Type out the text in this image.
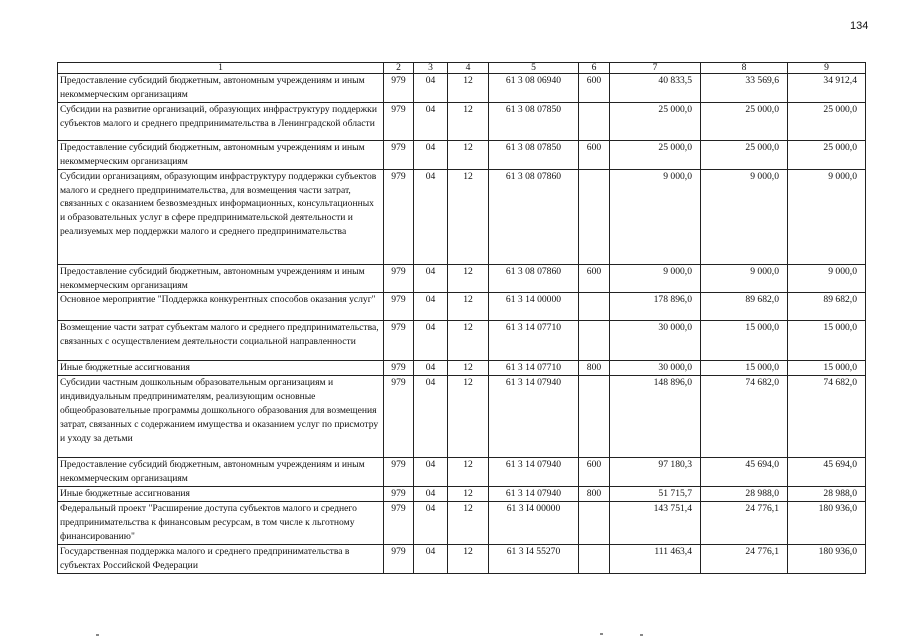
134
1	2	3	4	5	6	7	8	9
Предоставление субсидий бюджетным, автономным учреждениям и иным некоммерческим организациям	979	04	12	61 3 08 06940	600	40 833,5	33 569,6	34 912,4
Субсидии на развитие организаций, образующих инфраструктуру поддержки субъектов малого и среднего предпринимательства в Ленинградской области	979	04	12	61 3 08 07850		25 000,0	25 000,0	25 000,0
Предоставление субсидий бюджетным, автономным учреждениям и иным некоммерческим организациям	979	04	12	61 3 08 07850	600	25 000,0	25 000,0	25 000,0
Субсидии организациям, образующим инфраструктуру поддержки субъектов малого и среднего предпринимательства, для возмещения части затрат, связанных с оказанием безвозмездных информационных, консультационных и образовательных услуг в сфере предпринимательской деятельности и реализуемых мер поддержки малого и среднего предпринимательства	979	04	12	61 3 08 07860		9 000,0	9 000,0	9 000,0
Предоставление субсидий бюджетным, автономным учреждениям и иным некоммерческим организациям	979	04	12	61 3 08 07860	600	9 000,0	9 000,0	9 000,0
Основное мероприятие "Поддержка конкурентных способов оказания услуг"	979	04	12	61 3 14 00000		178 896,0	89 682,0	89 682,0
Возмещение части затрат субъектам малого и среднего предпринимательства, связанных с осуществлением деятельности социальной направленности	979	04	12	61 3 14 07710		30 000,0	15 000,0	15 000,0
Иные бюджетные ассигнования	979	04	12	61 3 14 07710	800	30 000,0	15 000,0	15 000,0
Субсидии частным дошкольным образовательным организациям и индивидуальным предпринимателям, реализующим основные общеобразовательные программы дошкольного образования для возмещения затрат, связанных с содержанием имущества и оказанием услуг по присмотру и уходу за детьми	979	04	12	61 3 14 07940		148 896,0	74 682,0	74 682,0
Предоставление субсидий бюджетным, автономным учреждениям и иным некоммерческим организациям	979	04	12	61 3 14 07940	600	97 180,3	45 694,0	45 694,0
Иные бюджетные ассигнования	979	04	12	61 3 14 07940	800	51 715,7	28 988,0	28 988,0
Федеральный проект "Расширение доступа субъектов малого и среднего предпринимательства к финансовым ресурсам, в том числе к льготному финансированию"	979	04	12	61 3 I4 00000		143 751,4	24 776,1	180 936,0
Государственная поддержка малого и среднего предпринимательства в субъектах Российской Федерации	979	04	12	61 3 I4 55270		111 463,4	24 776,1	180 936,0
